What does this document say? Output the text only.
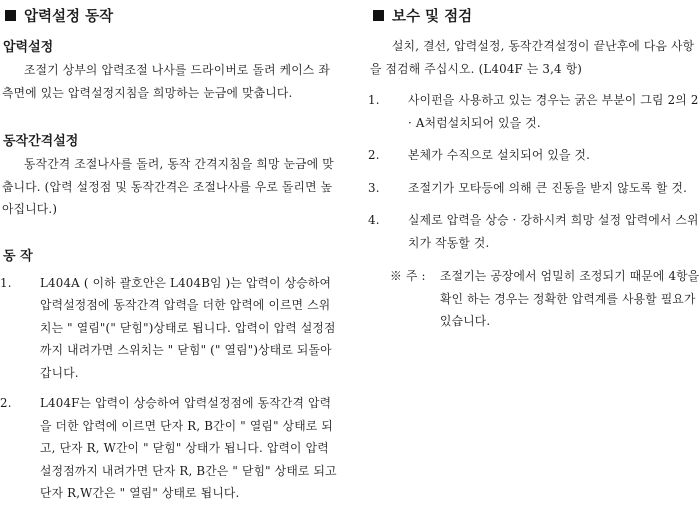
압력설정 동작
압력설정

조절기 상부의 압력조절 나사를 드라이버로 돌려 케이스 좌측면에 있는 압력설정지침을 희망하는 눈금에 맞춥니다.

동작간격설정

동작간격 조절나사를 돌려, 동작 간격지침을 희망 눈금에 맞춥니다. (압력 설정점 및 동작간격은 조절나사를 우로 돌리면 높아집니다.)

동 작
1. L404A ( 이하 괄호안은 L404B임 )는 압력이 상승하여 압력설정점에 동작간격 압력을 더한 압력에 이르면 스위치는 " 열림"(" 닫힘")상태로 됩니다. 압력이 압력 설정점까지 내려가면 스위치는 " 닫힘" (" 열림")상태로 되돌아갑니다.
2. L404F는 압력이 상승하여 압력설정점에 동작간격 압력을 더한 압력에 이르면 단자 R, B간이 " 열림" 상태로 되고, 단자 R, W간이 " 닫힘" 상태가 됩니다. 압력이 압력설정점까지 내려가면 단자 R, B간은 " 닫힘" 상태로 되고 단자 R,W간은 " 열림" 상태로 됩니다.
보수 및 점검

설치, 결선, 압력설정, 동작간격설정이 끝난후에 다음 사항을 점검해 주십시오. (L404F 는 3,4 항)

1. 사이펀을 사용하고 있는 경우는 굵은 부분이 그림 2의 2 · A처럼설치되어 있을 것.
2. 본체가 수직으로 설치되어 있을 것.
3. 조절기가 모타등에 의해 큰 진동을 받지 않도록 할 것.
4. 실제로 압력을 상승 · 강하시켜 희망 설정 압력에서 스위치가 작동할 것.
※ 주 : 조절기는 공장에서 엄밀히 조정되기 때문에 4항을 확인 하는 경우는 정확한 압력계를 사용할 필요가 있습니다.
